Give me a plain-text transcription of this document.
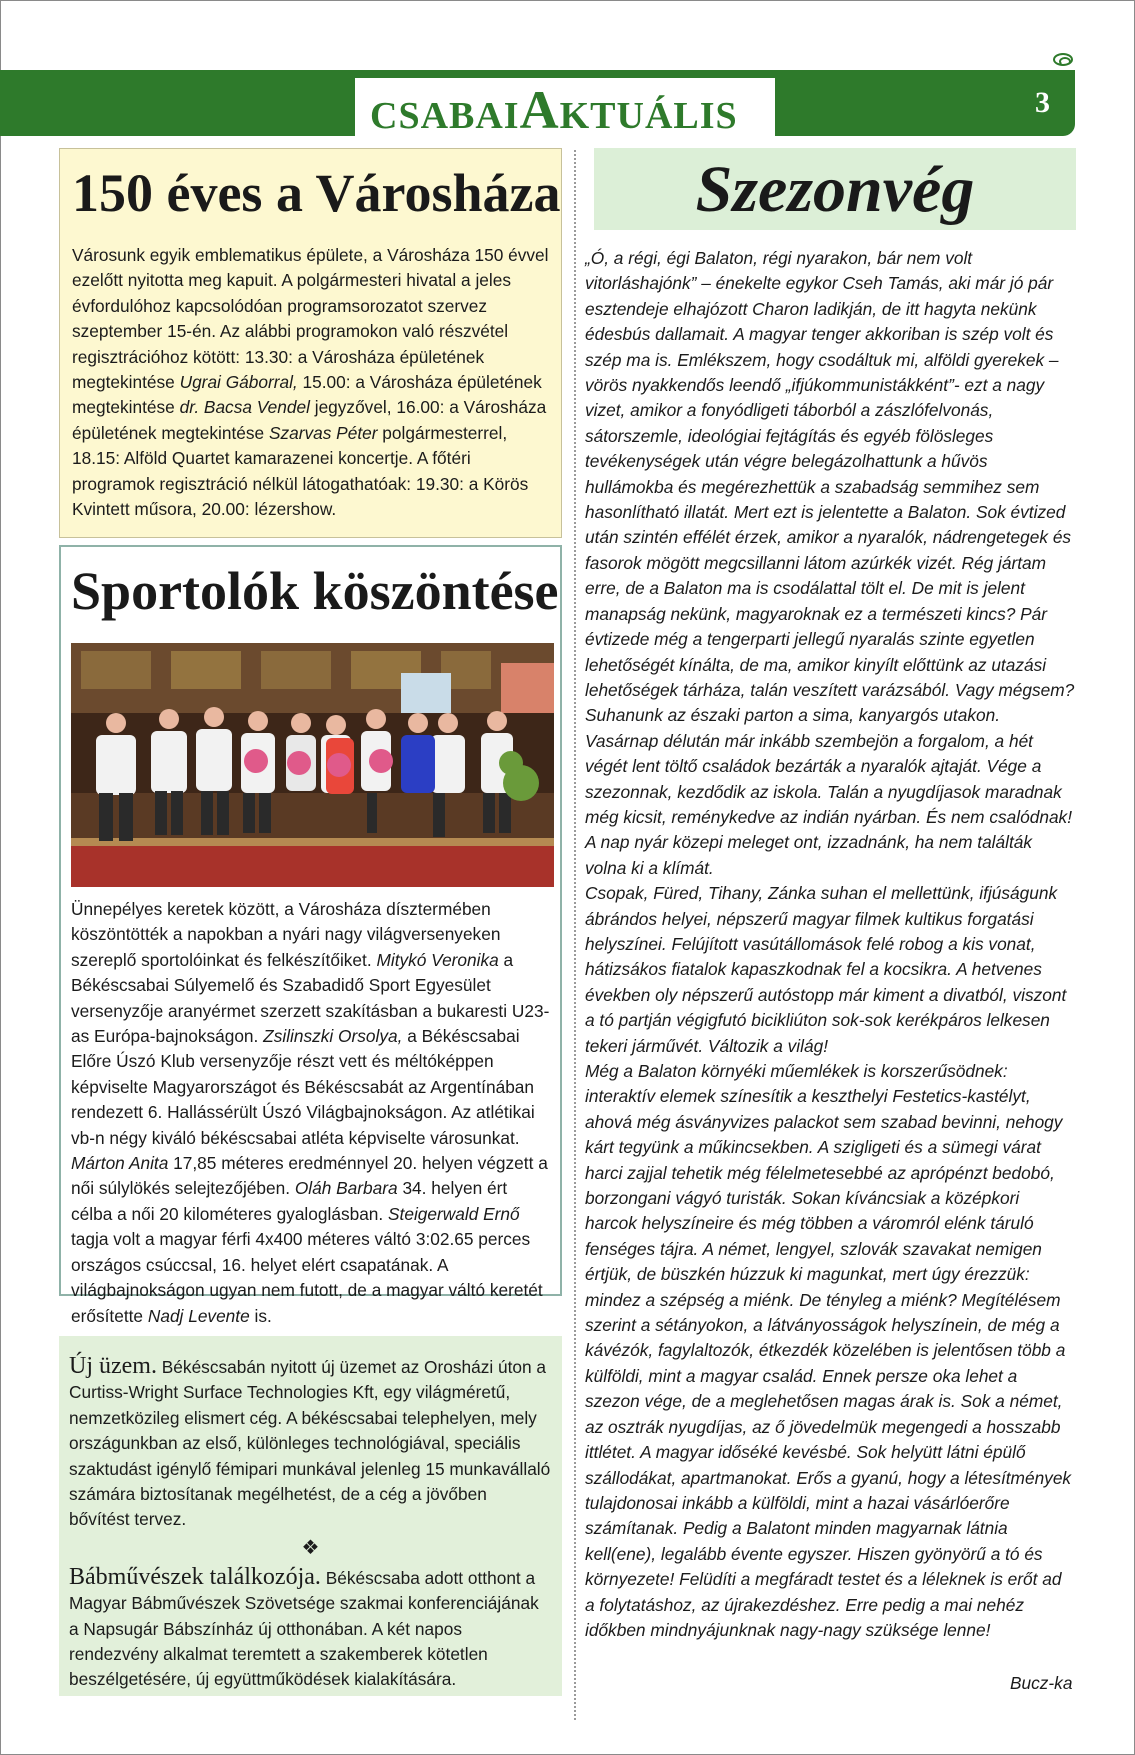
CSABAIAKTUÁLIS	3
150 éves a Városháza
Városunk egyik emblematikus épülete, a Városháza 150 évvel ezelőtt nyitotta meg kapuit. A polgármesteri hivatal a jeles évfordulóhoz kapcsolódóan programsorozatot szervez szeptember 15-én. Az alábbi programokon való részvétel regisztrációhoz kötött: 13.30: a Városháza épületének megtekintése Ugrai Gáborral, 15.00: a Városháza épületének megtekintése dr. Bacsa Vendel jegyzővel, 16.00: a Városháza épületének megtekintése Szarvas Péter polgármesterrel, 18.15: Alföld Quartet kamarazenei koncertje. A főtéri programok regisztráció nélkül látogathatóak: 19.30: a Körös Kvintett műsora, 20.00: lézershow.
Sportolók köszöntése
Ünnepélyes keretek között, a Városháza dísztermében köszöntötték a napokban a nyári nagy világversenyeken szereplő sportolóinkat és felkészítőiket. Mitykó Veronika a Békéscsabai Súlyemelő és Szabadidő Sport Egyesület versenyzője aranyérmet szerzett szakításban a bukaresti U23-as Európa-bajnokságon. Zsilinszki Orsolya, a Békéscsabai Előre Úszó Klub versenyzője részt vett és méltóképpen képviselte Magyarországot és Békéscsabát az Argentínában rendezett 6. Hallássérült Úszó Világbajnokságon. Az atlétikai vb-n négy kiváló békéscsabai atléta képviselte városunkat. Márton Anita 17,85 méteres eredménnyel 20. helyen végzett a női súlylökés selejtezőjében. Oláh Barbara 34. helyen ért célba a női 20 kilométeres gyaloglásban. Steigerwald Ernő tagja volt a magyar férfi 4x400 méteres váltó 3:02.65 perces országos csúccsal, 16. helyet elért csapatának. A világbajnokságon ugyan nem futott, de a magyar váltó keretét erősítette Nadj Levente is.
Új üzem. Békéscsabán nyitott új üzemet az Orosházi úton a Curtiss-Wright Surface Technologies Kft, egy világméretű, nemzetközileg elismert cég. A békéscsabai telephelyen, mely országunkban az első, különleges technológiával, speciális szaktudást igénylő fémipari munkával jelenleg 15 munkavállaló számára biztosítanak megélhetést, de a cég a jövőben bővítést tervez.
❖
Bábművészek találkozója. Békéscsaba adott otthont a Magyar Bábművészek Szövetsége szakmai konferenciájának a Napsugár Bábszínház új otthonában. A két napos rendezvény alkalmat teremtett a szakemberek kötetlen beszélgetésére, új együttműködések kialakítására.
Szezonvég

„Ó, a régi, égi Balaton, régi nyarakon, bár nem volt vitorláshajónk” – énekelte egykor Cseh Tamás, aki már jó pár esztendeje elhajózott Charon ladikján, de itt hagyta nekünk édesbús dallamait. A magyar tenger akkoriban is szép volt és szép ma is. Emlékszem, hogy csodáltuk mi, alföldi gyerekek – vörös nyakkendős leendő „ifjúkommunistákként”- ezt a nagy vizet, amikor a fonyódligeti táborból a zászlófelvonás, sátorszemle, ideológiai fejtágítás és egyéb fölösleges tevékenységek után végre belegázolhattunk a hűvös hullámokba és megérezhettük a szabadság semmihez sem hasonlítható illatát. Mert ezt is jelentette a Balaton. Sok évtized után szintén effélét érzek, amikor a nyaralók, nádrengetegek és fasorok mögött megcsillanni látom azúrkék vizét. Rég jártam erre, de a Balaton ma is csodálattal tölt el. De mit is jelent manapság nekünk, magyaroknak ez a természeti kincs? Pár évtizede még a tengerparti jellegű nyaralás szinte egyetlen lehetőségét kínálta, de ma, amikor kinyílt előttünk az utazási lehetőségek tárháza, talán veszített varázsából. Vagy mégsem?

Suhanunk az északi parton a sima, kanyargós utakon. Vasárnap délután már inkább szembejön a forgalom, a hét végét lent töltő családok bezárták a nyaralók ajtaját. Vége a szezonnak, kezdődik az iskola. Talán a nyugdíjasok maradnak még kicsit, reménykedve az indián nyárban. És nem csalódnak! A nap nyár közepi meleget ont, izzadnánk, ha nem találták volna ki a klímát.

Csopak, Füred, Tihany, Zánka suhan el mellettünk, ifjúságunk ábrándos helyei, népszerű magyar filmek kultikus forgatási helyszínei. Felújított vasútállomások felé robog a kis vonat, hátizsákos fiatalok kapaszkodnak fel a kocsikra. A hetvenes években oly népszerű autóstopp már kiment a divatból, viszont a tó partján végigfutó bicikliúton sok-sok kerékpáros lelkesen tekeri járművét. Változik a világ!

Még a Balaton környéki műemlékek is korszerűsödnek: interaktív elemek színesítik a keszthelyi Festetics-kastélyt, ahová még ásványvizes palackot sem szabad bevinni, nehogy kárt tegyünk a műkincsekben. A szigligeti és a sümegi várat harci zajjal tehetik még félelmetesebbé az aprópénzt bedobó, borzongani vágyó turisták. Sokan kíváncsiak a középkori harcok helyszíneire és még többen a váromról elénk táruló fenséges tájra. A német, lengyel, szlovák szavakat nemigen értjük, de büszkén húzzuk ki magunkat, mert úgy érezzük: mindez a szépség a miénk. De tényleg a miénk? Megítélésem szerint a sétányokon, a látványosságok helyszínein, de még a kávézók, fagylaltozók, étkezdék közelében is jelentősen több a külföldi, mint a magyar család. Ennek persze oka lehet a szezon vége, de a meglehetősen magas árak is. Sok a német, az osztrák nyugdíjas, az ő jövedelmük megengedi a hosszabb ittlétet. A magyar időséké kevésbé. Sok helyütt látni épülő szállodákat, apartmanokat. Erős a gyanú, hogy a létesítmények tulajdonosai inkább a külföldi, mint a hazai vásárlóerőre számítanak. Pedig a Balatont minden magyarnak látnia kell(ene), legalább évente egyszer. Hiszen gyönyörű a tó és környezete! Felüdíti a megfáradt testet és a léleknek is erőt ad a folytatáshoz, az újrakezdéshez. Erre pedig a mai nehéz időkben mindnyájunknak nagy-nagy szüksége lenne!

Bucz-ka
